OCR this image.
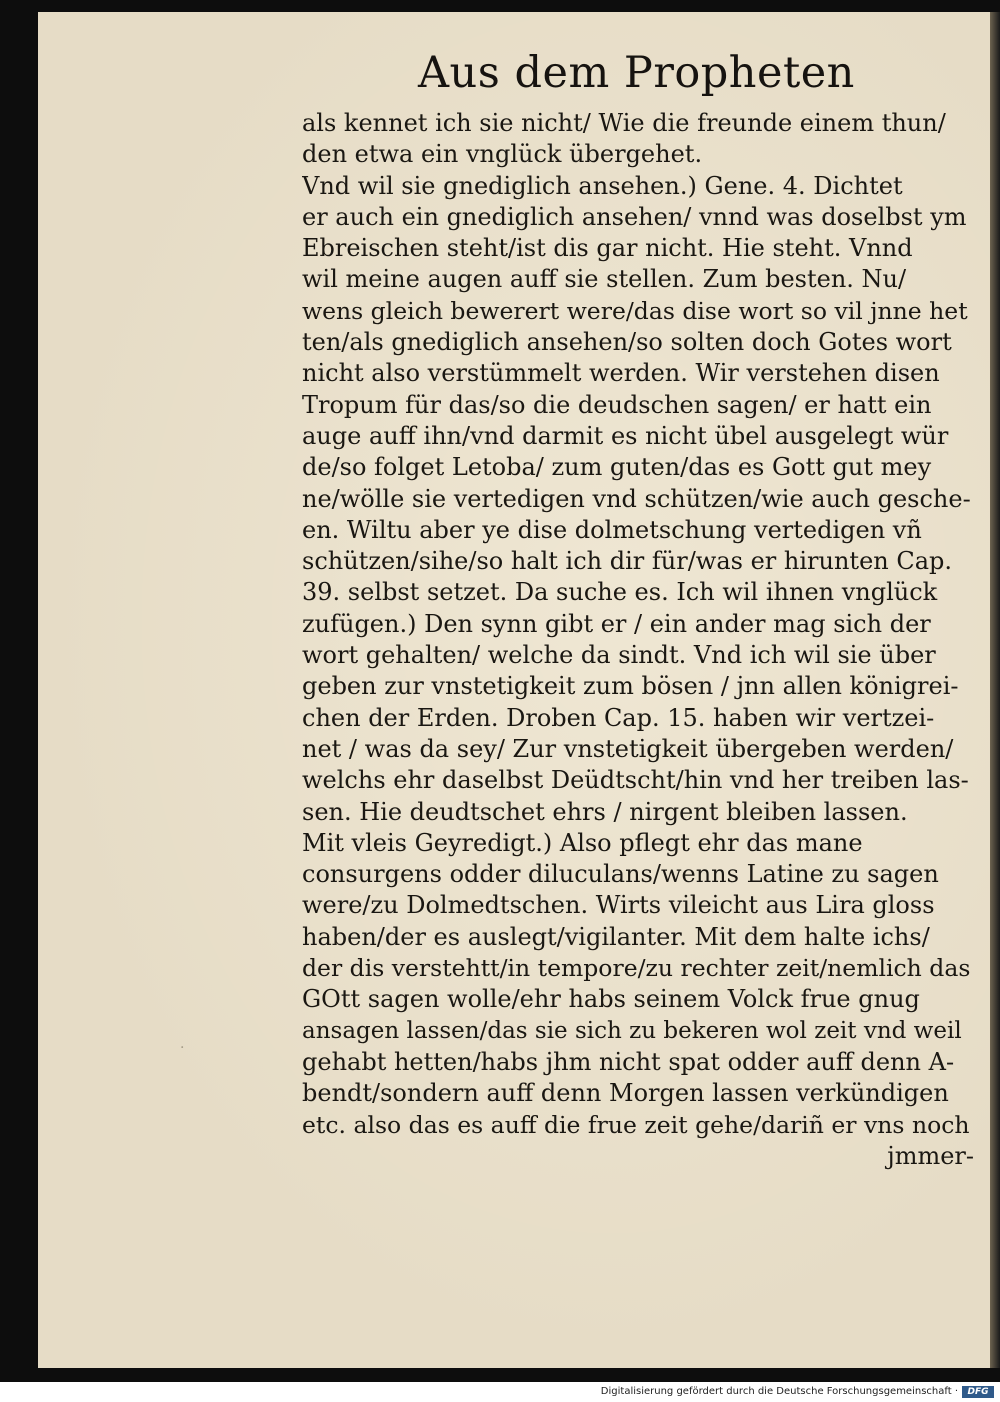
Aus dem Propheten
als kennet ich sie nicht/ Wie die freunde einem thun/
den etwa ein vnglück übergehet.
Vnd wil sie gnediglich ansehen.) Gene. 4. Dichtet
er auch ein gnediglich ansehen/ vnnd was doselbst ym
Ebreischen steht/ist dis gar nicht. Hie steht. Vnnd
wil meine augen auff sie stellen. Zum besten. Nu/
wens gleich bewerert were/das dise wort so vil jnne het
ten/als gnediglich ansehen/so solten doch Gotes wort
nicht also verstümmelt werden. Wir verstehen disen
Tropum für das/so die deudschen sagen/ er hatt ein
auge auff ihn/vnd darmit es nicht übel ausgelegt wür
de/so folget Letoba/ zum guten/das es Gott gut mey
ne/wölle sie vertedigen vnd schützen/wie auch gesche-
en. Wiltu aber ye dise dolmetschung vertedigen vñ
schützen/sihe/so halt ich dir für/was er hirunten Cap.
39. selbst setzet. Da suche es. Ich wil ihnen vnglück
zufügen.) Den synn gibt er / ein ander mag sich der
wort gehalten/ welche da sindt. Vnd ich wil sie über
geben zur vnstetigkeit zum bösen / jnn allen königrei-
chen der Erden. Droben Cap. 15. haben wir vertzei-
net / was da sey/ Zur vnstetigkeit übergeben werden/
welchs ehr daselbst Deüdtscht/hin vnd her treiben las-
sen. Hie deudtschet ehrs / nirgent bleiben lassen.
Mit vleis Geyredigt.) Also pflegt ehr das mane
consurgens odder diluculans/wenns Latine zu sagen
were/zu Dolmedtschen. Wirts vileicht aus Lira gloss
haben/der es auslegt/vigilanter. Mit dem halte ichs/
der dis verstehtt/in tempore/zu rechter zeit/nemlich das
GOtt sagen wolle/ehr habs seinem Volck frue gnug
ansagen lassen/das sie sich zu bekeren wol zeit vnd weil
gehabt hetten/habs jhm nicht spat odder auff denn A-
bendt/sondern auff denn Morgen lassen verkündigen
etc. also das es auff die frue zeit gehe/dariñ er vns noch
jmmer-
·
Digitalisierung gefördert durch die Deutsche Forschungsgemeinschaft ·	DFG
